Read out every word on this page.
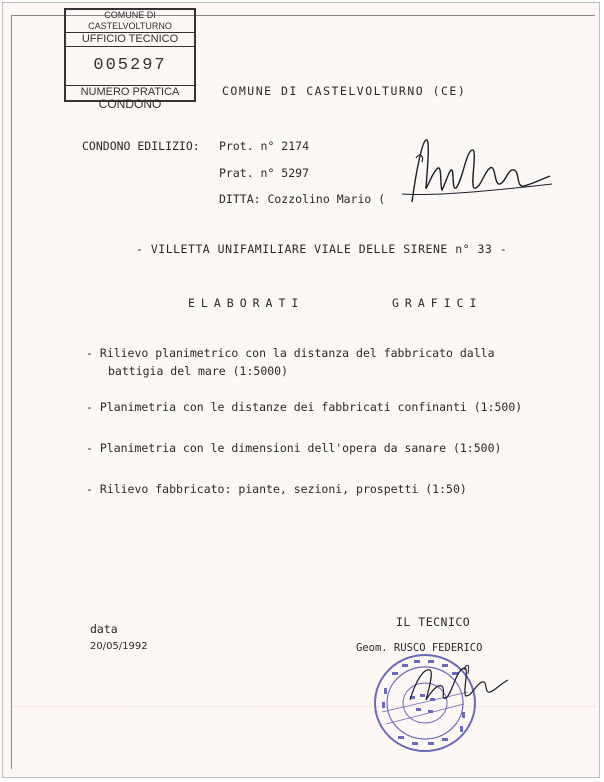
COMUNE DI CASTELVOLTURNO
UFFICIO TECNICO
005297
NUMERO PRATICA
CONDONO
COMUNE DI CASTELVOLTURNO (CE)
CONDONO EDILIZIO: Prot. n° 2174
Prat. n° 5297
DITTA: Cozzolino Mario (
- VILLETTA UNIFAMILIARE VIALE DELLE SIRENE n° 33 -
ELABORATI	GRAFICI
- Rilievo planimetrico con la distanza del fabbricato dalla
battigia del mare (1:5000)
- Planimetria con le distanze dei fabbricati confinanti (1:500)
- Planimetria con le dimensioni dell'opera da sanare (1:500)
- Rilievo fabbricato: piante, sezioni, prospetti (1:50)
data
20/05/1992
IL TECNICO
Geom. RUSCO FEDERICO
